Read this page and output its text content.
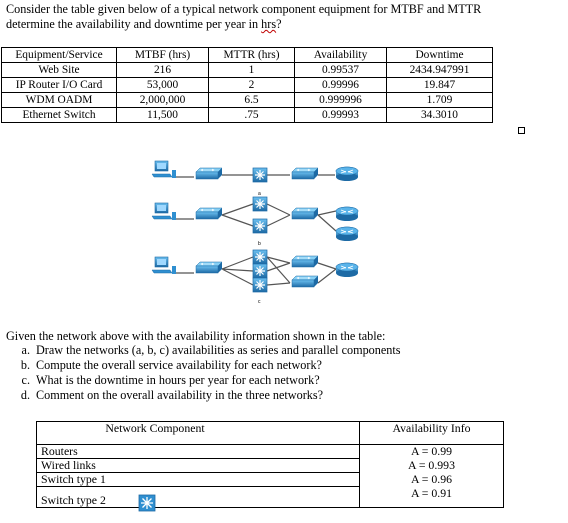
Consider the table given below of a typical network component equipment for MTBF and MTTR
determine the availability and downtime per year in hrs?
Equipment/Service	MTBF (hrs)	MTTR (hrs)	Availability	Downtime
Web Site	216	1	0.99537	2434.947991
IP Router I/O Card	53,000	2	0.99996	19.847
WDM OADM	2,000,000	6.5	0.999996	1.709
Ethernet Switch	11,500	.75	0.99993	34.3010
a
b
c
Given the network above with the availability information shown in the table:
a. Draw the networks (a, b, c) availabilities as series and parallel components
b. Compute the overall service availability for each network?
c. What is the downtime in hours per year for each network?
d. Comment on the overall availability in the three networks?
Network Component	Availability Info
Routers	A = 0.99
Wired links	A = 0.993
Switch type 1	A = 0.96
Switch type 2	A = 0.91
